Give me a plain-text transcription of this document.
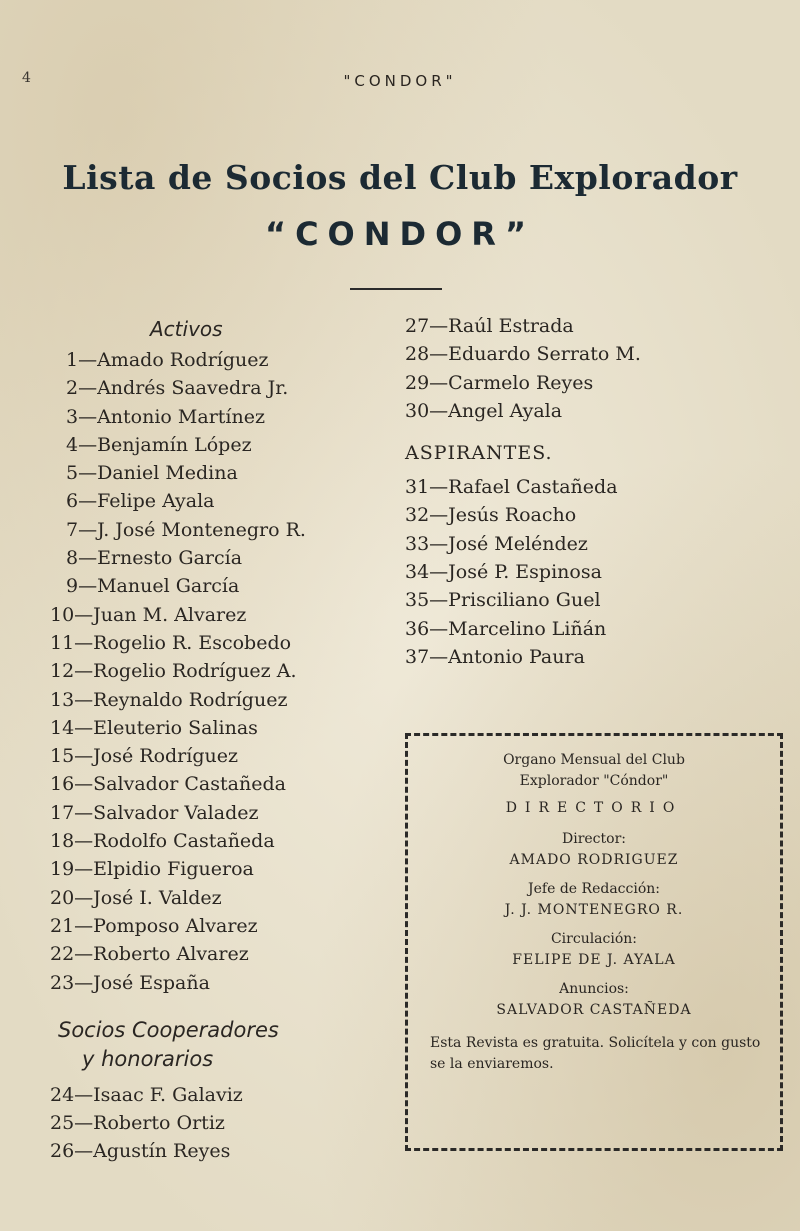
4	"CONDOR"
Lista de Socios del Club Explorador
“CONDOR”
Activos
1—Amado Rodríguez
2—Andrés Saavedra Jr.
3—Antonio Martínez
4—Benjamín López
5—Daniel Medina
6—Felipe Ayala
7—J. José Montenegro R.
8—Ernesto García
9—Manuel García
10—Juan M. Alvarez
11—Rogelio R. Escobedo
12—Rogelio Rodríguez A.
13—Reynaldo Rodríguez
14—Eleuterio Salinas
15—José Rodríguez
16—Salvador Castañeda
17—Salvador Valadez
18—Rodolfo Castañeda
19—Elpidio Figueroa
20—José I. Valdez
21—Pomposo Alvarez
22—Roberto Alvarez
23—José España
Socios Cooperadores
y honorarios
24—Isaac F. Galaviz
25—Roberto Ortiz
26—Agustín Reyes
27—Raúl Estrada
28—Eduardo Serrato M.
29—Carmelo Reyes
30—Angel Ayala
ASPIRANTES.
31—Rafael Castañeda
32—Jesús Roacho
33—José Meléndez
34—José P. Espinosa
35—Prisciliano Guel
36—Marcelino Liñán
37—Antonio Paura
Organo Mensual del Club
Explorador "Cóndor"
DIRECTORIO
Director:
AMADO RODRIGUEZ
Jefe de Redacción:
J. J. MONTENEGRO R.
Circulación:
FELIPE DE J. AYALA
Anuncios:
SALVADOR CASTAÑEDA
Esta Revista es gratuita. Solicítela y con gusto se la enviaremos.
